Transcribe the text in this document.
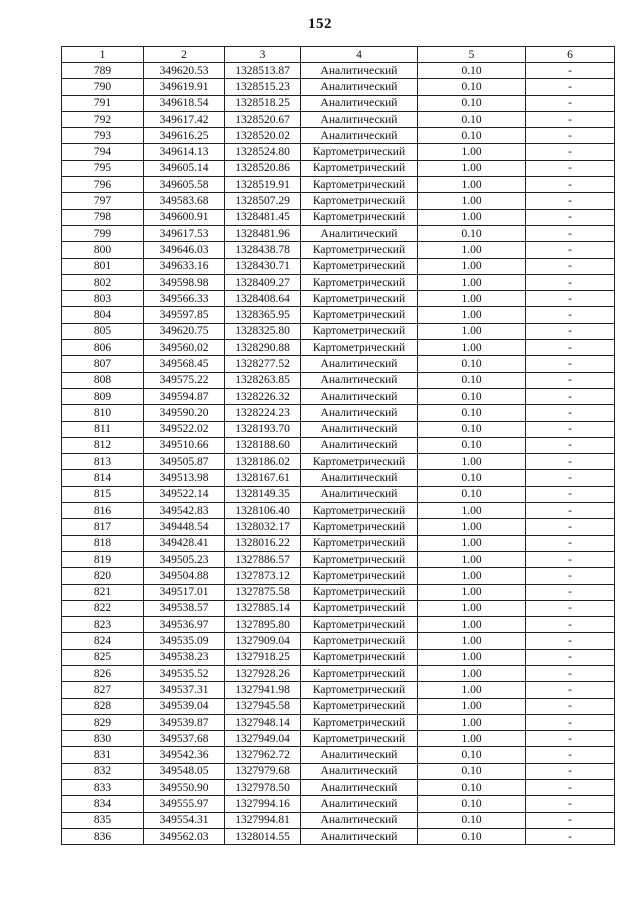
152
1	2	3	4	5	6
789	349620.53	1328513.87	Аналитический	0.10	-
790	349619.91	1328515.23	Аналитический	0.10	-
791	349618.54	1328518.25	Аналитический	0.10	-
792	349617.42	1328520.67	Аналитический	0.10	-
793	349616.25	1328520.02	Аналитический	0.10	-
794	349614.13	1328524.80	Картометрический	1.00	-
795	349605.14	1328520.86	Картометрический	1.00	-
796	349605.58	1328519.91	Картометрический	1.00	-
797	349583.68	1328507.29	Картометрический	1.00	-
798	349600.91	1328481.45	Картометрический	1.00	-
799	349617.53	1328481.96	Аналитический	0.10	-
800	349646.03	1328438.78	Картометрический	1.00	-
801	349633.16	1328430.71	Картометрический	1.00	-
802	349598.98	1328409.27	Картометрический	1.00	-
803	349566.33	1328408.64	Картометрический	1.00	-
804	349597.85	1328365.95	Картометрический	1.00	-
805	349620.75	1328325.80	Картометрический	1.00	-
806	349560.02	1328290.88	Картометрический	1.00	-
807	349568.45	1328277.52	Аналитический	0.10	-
808	349575.22	1328263.85	Аналитический	0.10	-
809	349594.87	1328226.32	Аналитический	0.10	-
810	349590.20	1328224.23	Аналитический	0.10	-
811	349522.02	1328193.70	Аналитический	0.10	-
812	349510.66	1328188.60	Аналитический	0.10	-
813	349505.87	1328186.02	Картометрический	1.00	-
814	349513.98	1328167.61	Аналитический	0.10	-
815	349522.14	1328149.35	Аналитический	0.10	-
816	349542.83	1328106.40	Картометрический	1.00	-
817	349448.54	1328032.17	Картометрический	1.00	-
818	349428.41	1328016.22	Картометрический	1.00	-
819	349505.23	1327886.57	Картометрический	1.00	-
820	349504.88	1327873.12	Картометрический	1.00	-
821	349517.01	1327875.58	Картометрический	1.00	-
822	349538.57	1327885.14	Картометрический	1.00	-
823	349536.97	1327895.80	Картометрический	1.00	-
824	349535.09	1327909.04	Картометрический	1.00	-
825	349538.23	1327918.25	Картометрический	1.00	-
826	349535.52	1327928.26	Картометрический	1.00	-
827	349537.31	1327941.98	Картометрический	1.00	-
828	349539.04	1327945.58	Картометрический	1.00	-
829	349539.87	1327948.14	Картометрический	1.00	-
830	349537.68	1327949.04	Картометрический	1.00	-
831	349542.36	1327962.72	Аналитический	0.10	-
832	349548.05	1327979.68	Аналитический	0.10	-
833	349550.90	1327978.50	Аналитический	0.10	-
834	349555.97	1327994.16	Аналитический	0.10	-
835	349554.31	1327994.81	Аналитический	0.10	-
836	349562.03	1328014.55	Аналитический	0.10	-
